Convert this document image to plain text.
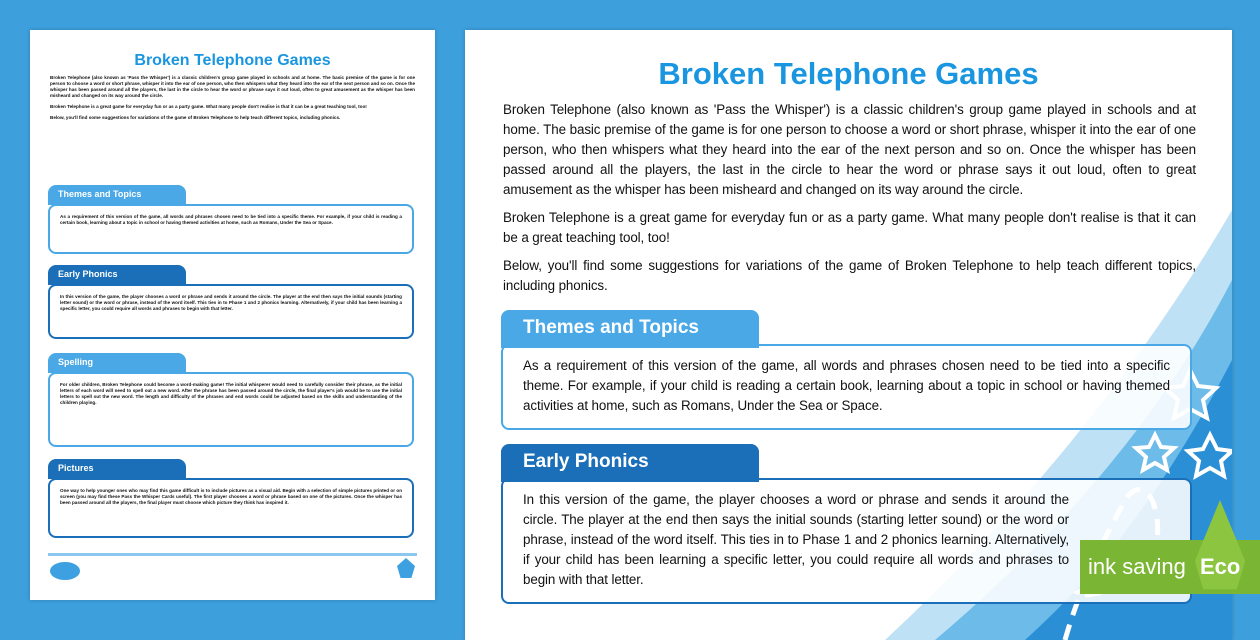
Broken Telephone Games

Broken Telephone (also known as 'Pass the Whisper') is a classic children's group game played in schools and at home. The basic premise of the game is for one person to choose a word or short phrase, whisper it into the ear of one person, who then whispers what they heard into the ear of the next person and so on. Once the whisper has been passed around all the players, the last in the circle to hear the word or phrase says it out loud, often to great amusement as the whisper has been misheard and changed on its way around the circle.

Broken Telephone is a great game for everyday fun or as a party game. What many people don't realise is that it can be a great teaching tool, too!

Below, you'll find some suggestions for variations of the game of Broken Telephone to help teach different topics, including phonics.

As a requirement of this version of the game, all words and phrases chosen need to be tied into a specific theme. For example, if your child is reading a certain book, learning about a topic in school or having themed activities at home, such as Romans, Under the Sea or Space.

Themes and Topics

In this version of the game, the player chooses a word or phrase and sends it around the circle. The player at the end then says the initial sounds (starting letter sound) or the word or phrase, instead of the word itself. This ties in to Phase 1 and 2 phonics learning. Alternatively, if your child has been learning a specific letter, you could require all words and phrases to begin with that letter.

Early Phonics

For older children, Broken Telephone could become a word-making game! The initial whisperer would need to carefully consider their phrase, as the initial letters of each word will need to spell out a new word. After the phrase has been passed around the circle, the final player's job would be to use the initial letters to spell out the new word. The length and difficulty of the phrases and end words could be adjusted based on the skills and understanding of the children playing.

Spelling

One way to help younger ones who may find this game difficult is to include pictures as a visual aid. Begin with a selection of simple pictures printed or on screen (you may find these Pass the Whisper Cards useful). The first player chooses a word or phrase based on one of the pictures. Once the whisper has been passed around all the players, the final player must choose which picture they think has inspired it.

Pictures
Broken Telephone Games

Broken Telephone (also known as 'Pass the Whisper') is a classic children's group game played in schools and at home. The basic premise of the game is for one person to choose a word or short phrase, whisper it into the ear of one person, who then whispers what they heard into the ear of the next person and so on. Once the whisper has been passed around all the players, the last in the circle to hear the word or phrase says it out loud, often to great amusement as the whisper has been misheard and changed on its way around the circle.

Broken Telephone is a great game for everyday fun or as a party game. What many people don't realise is that it can be a great teaching tool, too!

Below, you'll find some suggestions for variations of the game of Broken Telephone to help teach different topics, including phonics.

Themes and Topics

As a requirement of this version of the game, all words and phrases chosen need to be tied into a specific theme. For example, if your child is reading a certain book, learning about a topic in school or having themed activities at home, such as Romans, Under the Sea or Space.

Early Phonics

In this version of the game, the player chooses a word or phrase and sends it around the circle. The player at the end then says the initial sounds (starting letter sound) or the word or phrase, instead of the word itself. This ties in to Phase 1 and 2 phonics learning. Alternatively, if your child has been learning a specific letter, you could require all words and phrases to begin with that letter.

ink saving Eco
